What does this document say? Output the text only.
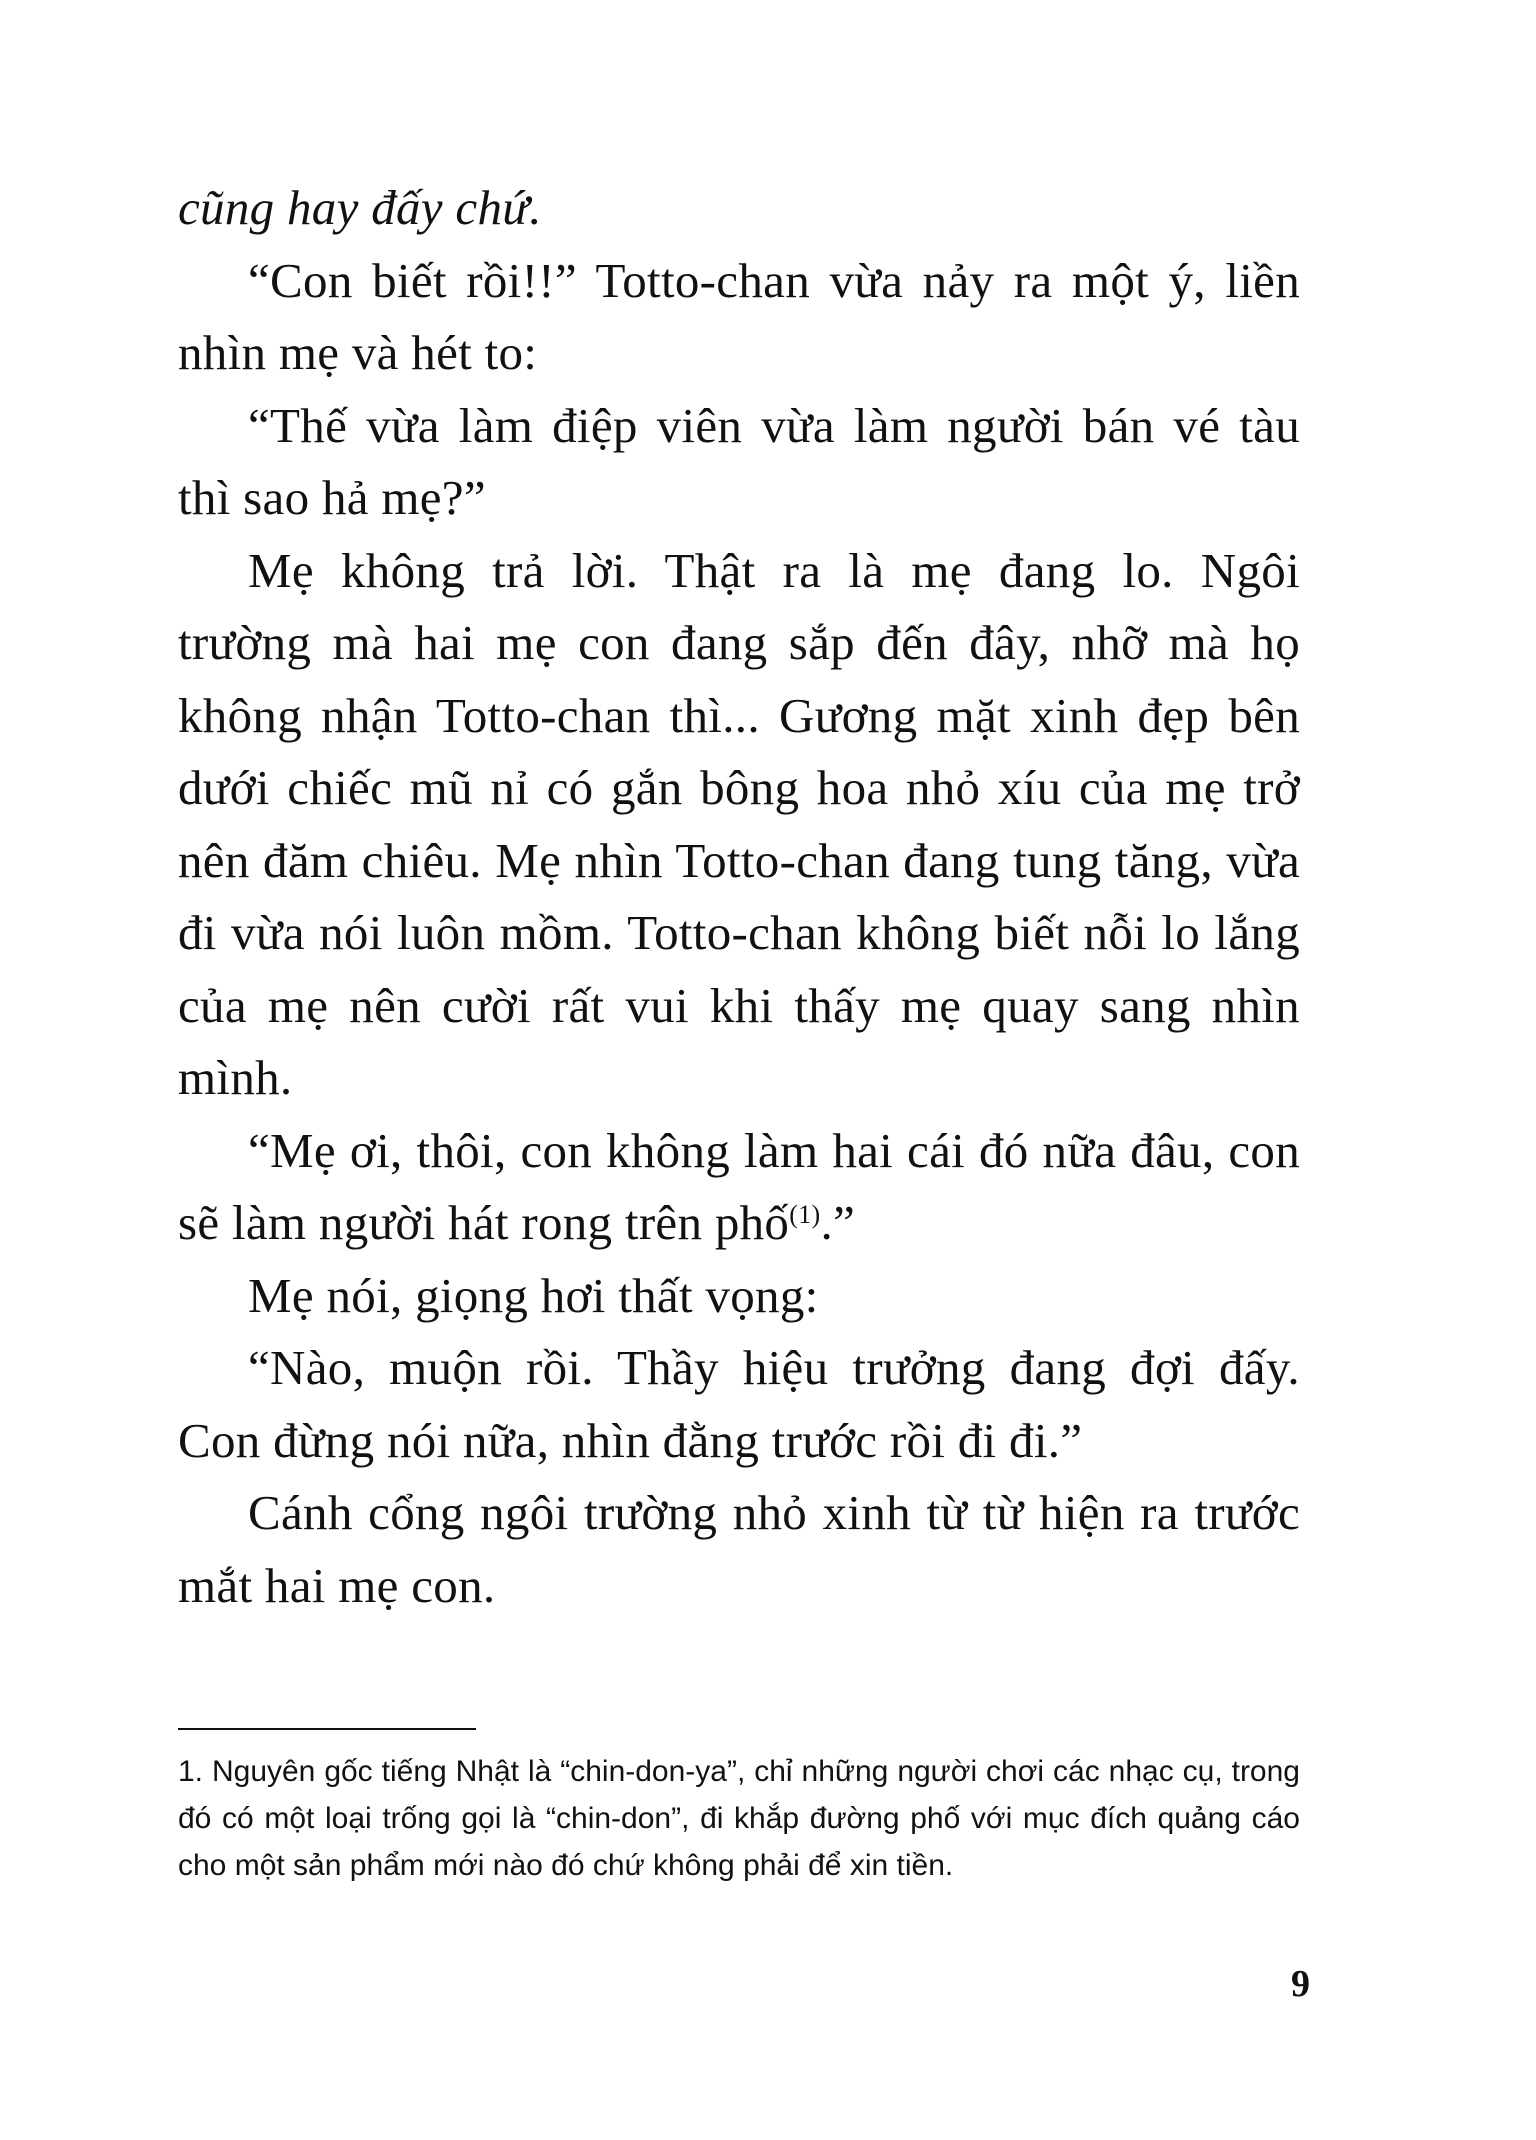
cũng hay đấy chứ.

“Con biết rồi!!” Totto-chan vừa nảy ra một ý, liền nhìn mẹ và hét to:

“Thế vừa làm điệp viên vừa làm người bán vé tàu thì sao hả mẹ?”

Mẹ không trả lời. Thật ra là mẹ đang lo. Ngôi trường mà hai mẹ con đang sắp đến đây, nhỡ mà họ không nhận Totto-chan thì... Gương mặt xinh đẹp bên dưới chiếc mũ nỉ có gắn bông hoa nhỏ xíu của mẹ trở nên đăm chiêu. Mẹ nhìn Totto-chan đang tung tăng, vừa đi vừa nói luôn mồm. Totto-chan không biết nỗi lo lắng của mẹ nên cười rất vui khi thấy mẹ quay sang nhìn mình.

“Mẹ ơi, thôi, con không làm hai cái đó nữa đâu, con sẽ làm người hát rong trên phố$^{(1)}$.”

Mẹ nói, giọng hơi thất vọng:

“Nào, muộn rồi. Thầy hiệu trưởng đang đợi đấy. Con đừng nói nữa, nhìn đằng trước rồi đi đi.”

Cánh cổng ngôi trường nhỏ xinh từ từ hiện ra trước mắt hai mẹ con.

1. Nguyên gốc tiếng Nhật là “chin-don-ya”, chỉ những người chơi các nhạc cụ, trong đó có một loại trống gọi là “chin-don”, đi khắp đường phố với mục đích quảng cáo cho một sản phẩm mới nào đó chứ không phải để xin tiền.

9
